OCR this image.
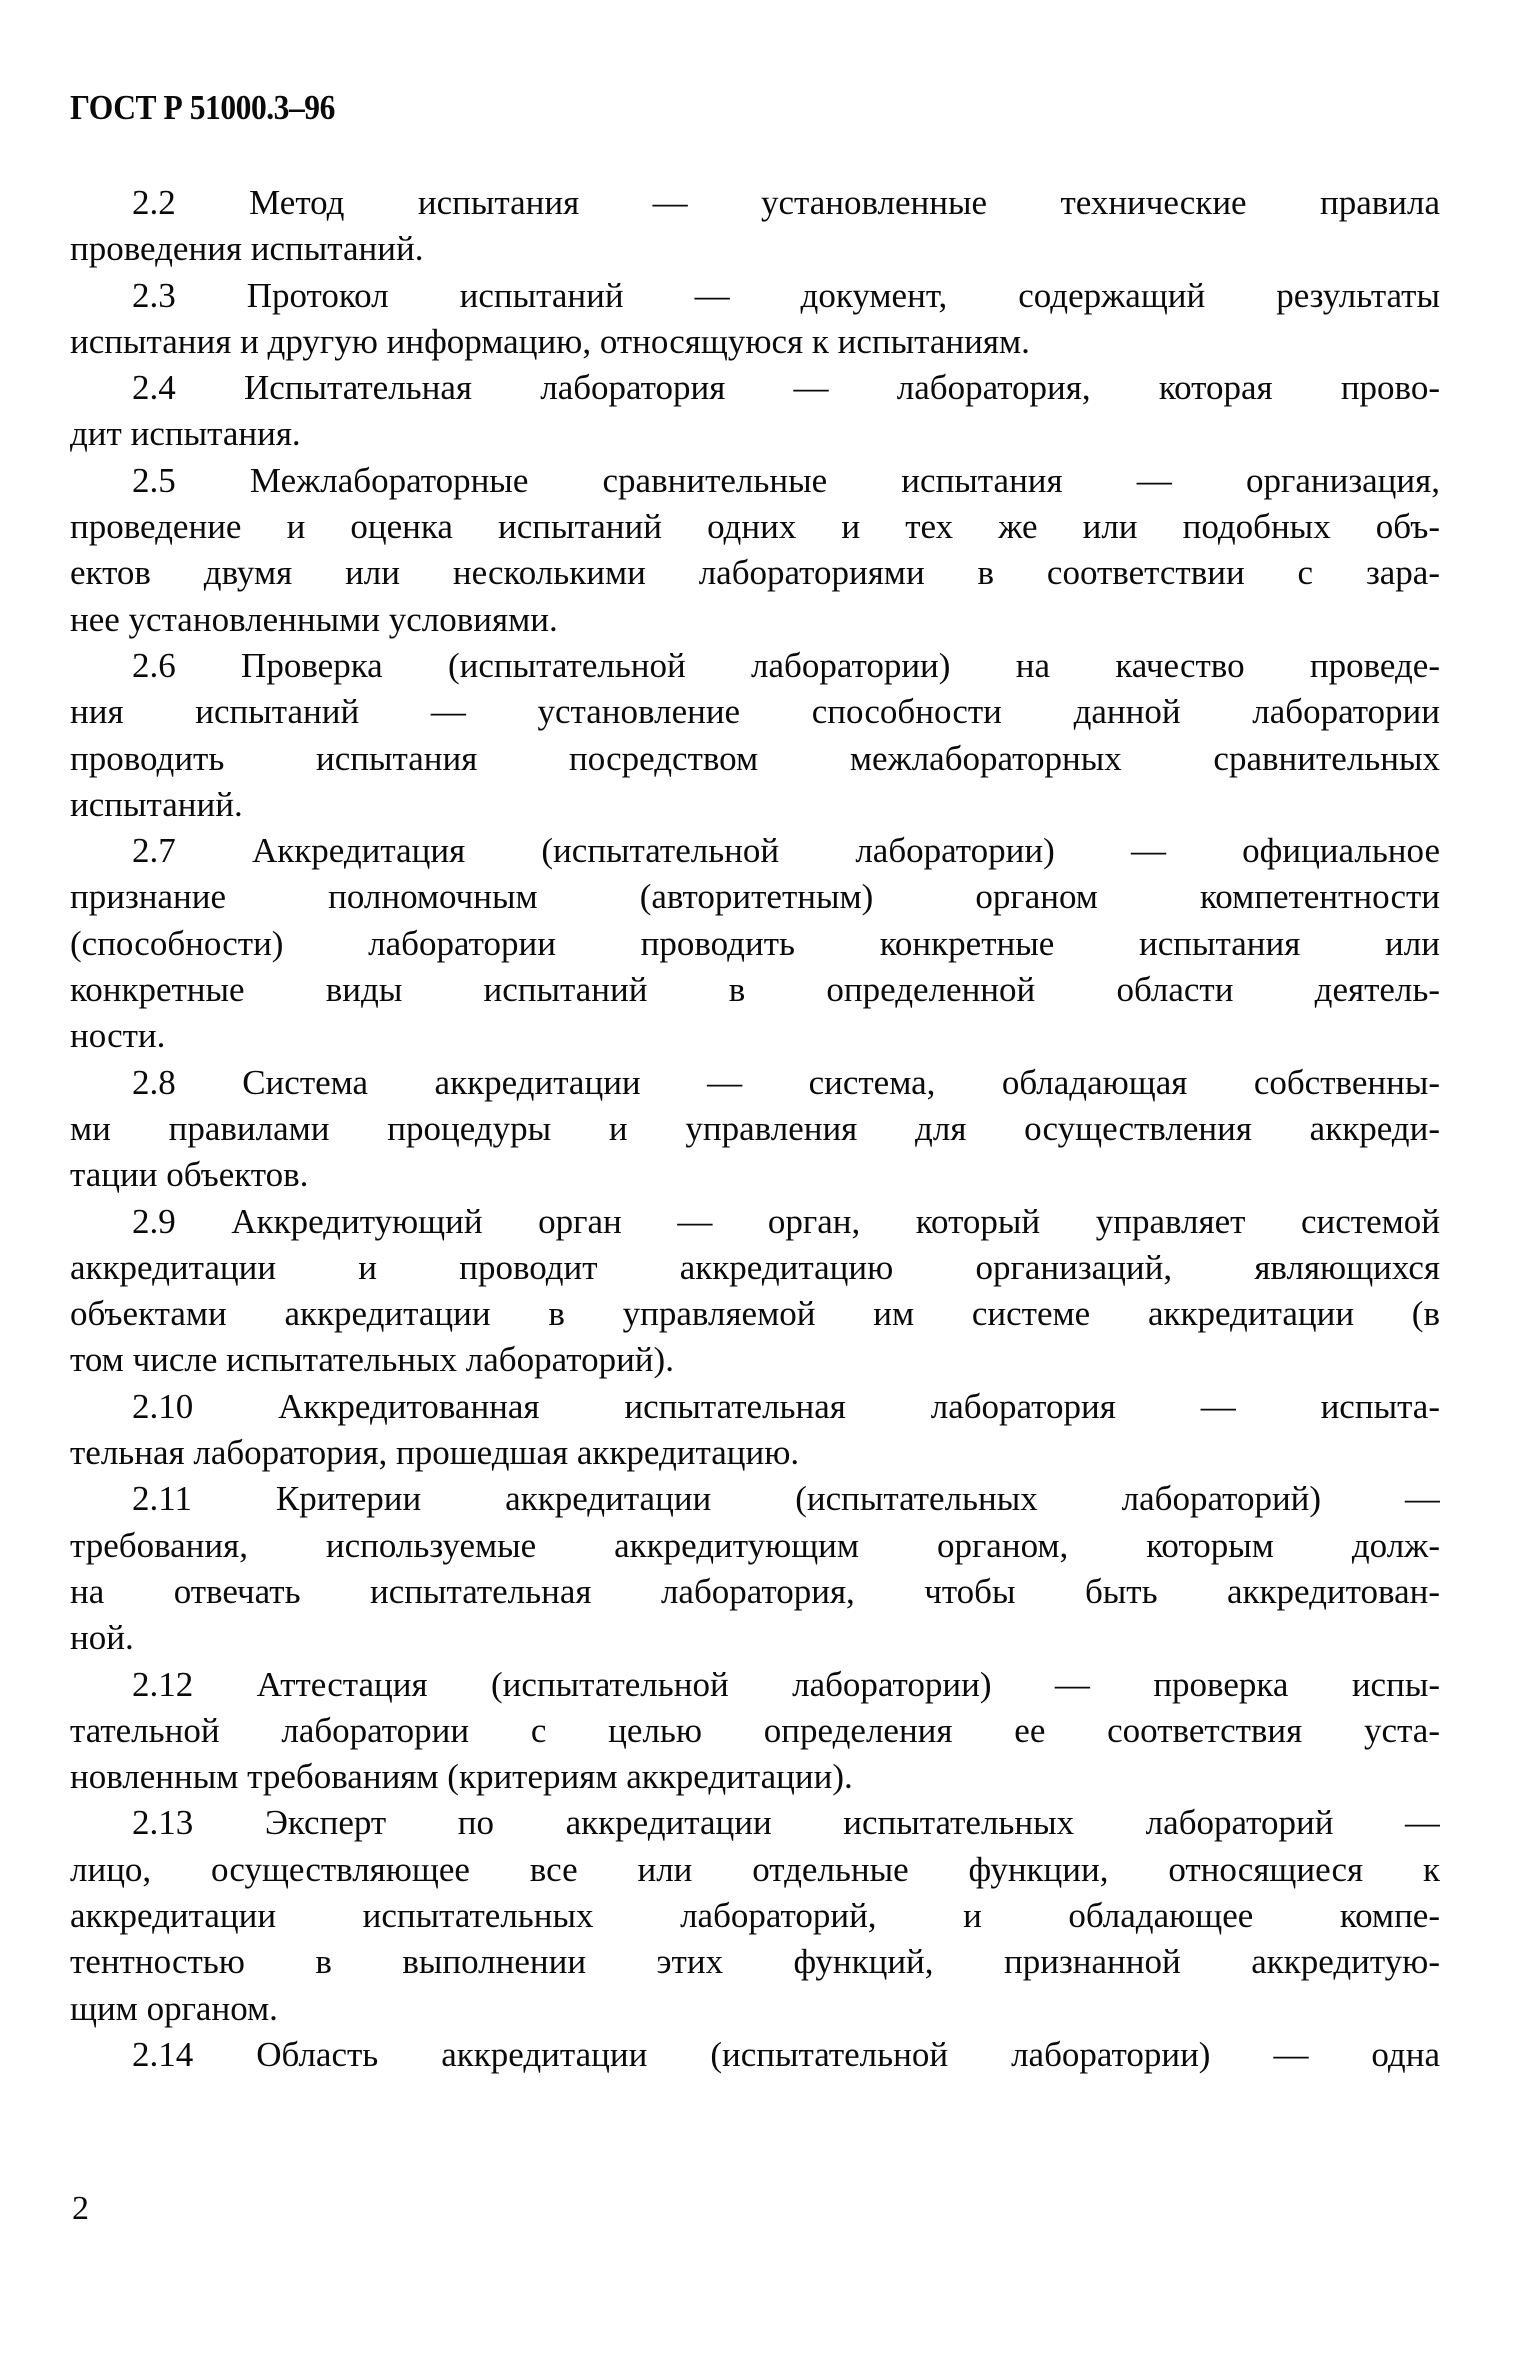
ГОСТ Р 51000.3–96
2.2 Метод испытания — установленные технические правила
проведения испытаний.
2.3 Протокол испытаний — документ, содержащий результаты
испытания и другую информацию, относящуюся к испытаниям.
2.4 Испытательная лаборатория — лаборатория, которая прово-
дит испытания.
2.5 Межлабораторные сравнительные испытания — организация,
проведение и оценка испытаний одних и тех же или подобных объ-
ектов двумя или несколькими лабораториями в соответствии с зара-
нее установленными условиями.
2.6 Проверка (испытательной лаборатории) на качество проведе-
ния испытаний — установление способности данной лаборатории
проводить испытания посредством межлабораторных сравнительных
испытаний.
2.7 Аккредитация (испытательной лаборатории) — официальное
признание полномочным (авторитетным) органом компетентности
(способности) лаборатории проводить конкретные испытания или
конкретные виды испытаний в определенной области деятель-
ности.
2.8 Система аккредитации — система, обладающая собственны-
ми правилами процедуры и управления для осуществления аккреди-
тации объектов.
2.9 Аккредитующий орган — орган, который управляет системой
аккредитации и проводит аккредитацию организаций, являющихся
объектами аккредитации в управляемой им системе аккредитации (в
том числе испытательных лабораторий).
2.10 Аккредитованная испытательная лаборатория — испыта-
тельная лаборатория, прошедшая аккредитацию.
2.11 Критерии аккредитации (испытательных лабораторий) —
требования, используемые аккредитующим органом, которым долж-
на отвечать испытательная лаборатория, чтобы быть аккредитован-
ной.
2.12 Аттестация (испытательной лаборатории) — проверка испы-
тательной лаборатории с целью определения ее соответствия уста-
новленным требованиям (критериям аккредитации).
2.13 Эксперт по аккредитации испытательных лабораторий —
лицо, осуществляющее все или отдельные функции, относящиеся к
аккредитации испытательных лабораторий, и обладающее компе-
тентностью в выполнении этих функций, признанной аккредитую-
щим органом.
2.14 Область аккредитации (испытательной лаборатории) — одна
2
